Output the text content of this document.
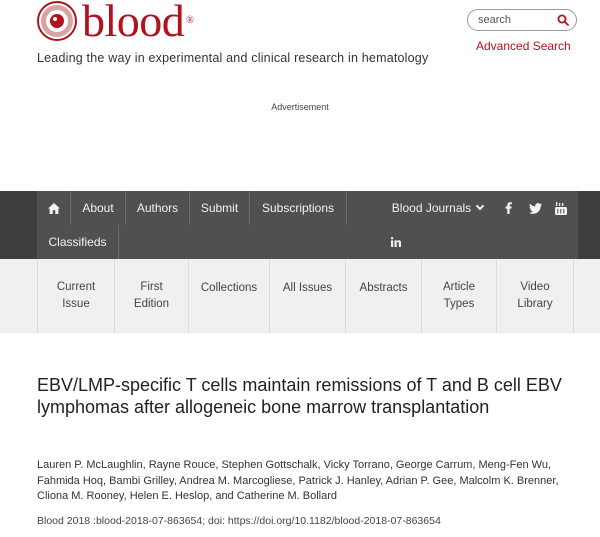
blood ®
Leading the way in experimental and clinical research in hematology
search
Advanced Search
Advertisement
About	Authors	Submit	Subscriptions	Blood Journals
Classifieds
Current
Issue
First
Edition
Collections All Issues Abstracts	Article
Types
Video
Library
EBV/LMP-specific T cells maintain remissions of T and B cell EBV lymphomas after allogeneic bone marrow transplantation
Lauren P. McLaughlin, Rayne Rouce, Stephen Gottschalk, Vicky Torrano, George Carrum, Meng-Fen Wu, Fahmida Hoq, Bambi Grilley, Andrea M. Marcogliese, Patrick J. Hanley, Adrian P. Gee, Malcolm K. Brenner, Cliona M. Rooney, Helen E. Heslop, and Catherine M. Bollard
Blood 2018 :blood-2018-07-863654; doi: https://doi.org/10.1182/blood-2018-07-863654
